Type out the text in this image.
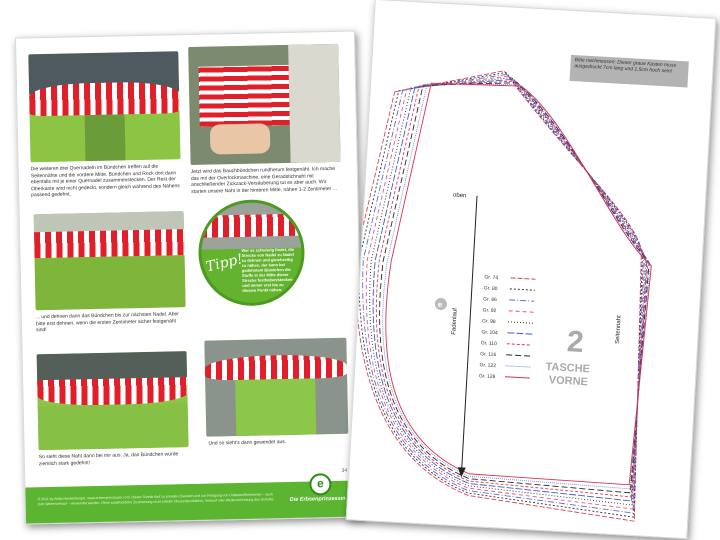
Die weiteren drei Quernadeln im Bündchen treffen auf die Seitennähte und die vordere Mitte. Bündchen und Rock dort dann ebenfalls mit je einer Quernadel zusammenstecken. Der Rest der Oberkante wird nicht gedeckt, sondern gleich während des Nähens passend gedehnt.
Jetzt wird das Bauchbündchen rundherum festgenäht. Ich mache das mit der Overlockmaschine, eine Geradstichnaht mit anschließender Zickzack-Versäuberung tut es aber auch. Wir starten unsere Naht in der hinteren Mitte, nähen 1-2 Zentimeter ...
... und dehnen dann das Bündchen bis zur nächsten Nadel. Aber bitte erst dehnen, wenn die ersten Zentimeter sicher festgenäht sind!
Tipp!
Wer es schwierig findet, die Strecke von Nadel zu Nadel zu dehnen und gleichzeitig zu nähen, der kann bei gedehntem Bündchen die Stoffe in der Mitte dieser Strecke festhalten/stecken und immer erst bis zu diesem Punkt nähen.
So sieht diese Naht dann bei mir aus. Ja, das Bündchen wurde ziemlich stark gedehnt!
Und so sieht's dann gewendet aus.
34
© 2011 by Britta Hackenberger, www.erbsenprinzessin.com. Dieser Schnitt darf zu privaten Zwecken und zur Fertigung von Unikaten/Kleinserien – auch zum Weiterverkauf – verwendet werden. Ohne ausdrückliche Zustimmung nicht erlaubt: Massenproduktion, Verkauf oder Weiterverbreitung des Schnitts.
e
Die Erbsenprinzessin
Bitte nachmessen: Dieser graue Kasten muss ausgedruckt 7cm lang und 1,5cm hoch sein!
Fadenlauf
oben
Seitennaht
2
TASCHE
VORNE
Gr. 74
Gr. 80
Gr. 86
Gr. 92
Gr. 98
Gr. 104
Gr. 110
Gr. 116
Gr. 122
Gr. 128
e
